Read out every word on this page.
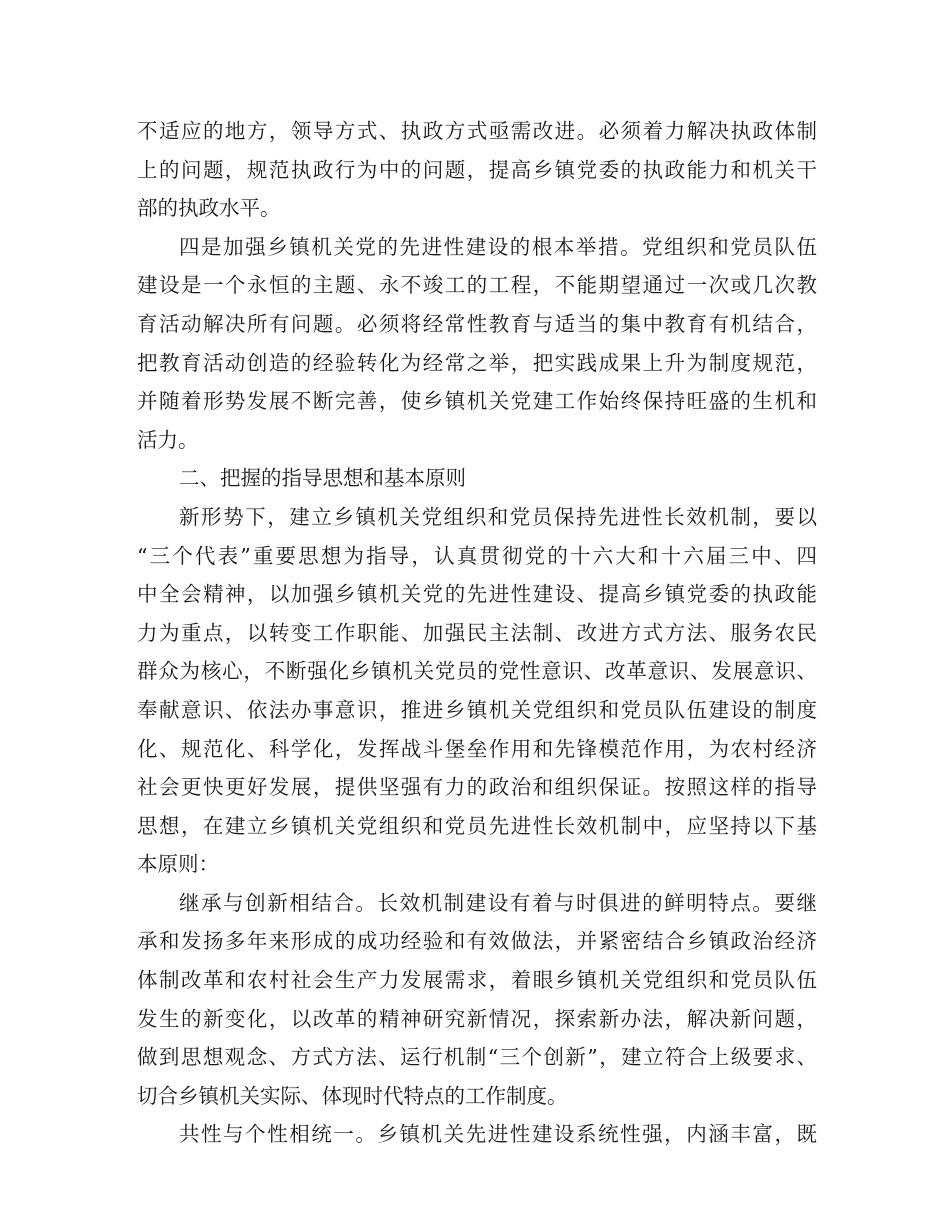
不适应的地方，领导方式、执政方式亟需改进。必须着力解决执政体制
上的问题，规范执政行为中的问题，提高乡镇党委的执政能力和机关干
部的执政水平。
四是加强乡镇机关党的先进性建设的根本举措。党组织和党员队伍
建设是一个永恒的主题、永不竣工的工程，不能期望通过一次或几次教
育活动解决所有问题。必须将经常性教育与适当的集中教育有机结合，
把教育活动创造的经验转化为经常之举，把实践成果上升为制度规范，
并随着形势发展不断完善，使乡镇机关党建工作始终保持旺盛的生机和
活力。
二、把握的指导思想和基本原则
新形势下，建立乡镇机关党组织和党员保持先进性长效机制，要以
“三个代表”重要思想为指导，认真贯彻党的十六大和十六届三中、四
中全会精神，以加强乡镇机关党的先进性建设、提高乡镇党委的执政能
力为重点，以转变工作职能、加强民主法制、改进方式方法、服务农民
群众为核心，不断强化乡镇机关党员的党性意识、改革意识、发展意识、
奉献意识、依法办事意识，推进乡镇机关党组织和党员队伍建设的制度
化、规范化、科学化，发挥战斗堡垒作用和先锋模范作用，为农村经济
社会更快更好发展，提供坚强有力的政治和组织保证。按照这样的指导
思想，在建立乡镇机关党组织和党员先进性长效机制中，应坚持以下基
本原则：
继承与创新相结合。长效机制建设有着与时俱进的鲜明特点。要继
承和发扬多年来形成的成功经验和有效做法，并紧密结合乡镇政治经济
体制改革和农村社会生产力发展需求，着眼乡镇机关党组织和党员队伍
发生的新变化，以改革的精神研究新情况，探索新办法，解决新问题，
做到思想观念、方式方法、运行机制“三个创新”，建立符合上级要求、
切合乡镇机关实际、体现时代特点的工作制度。
共性与个性相统一。乡镇机关先进性建设系统性强，内涵丰富，既
